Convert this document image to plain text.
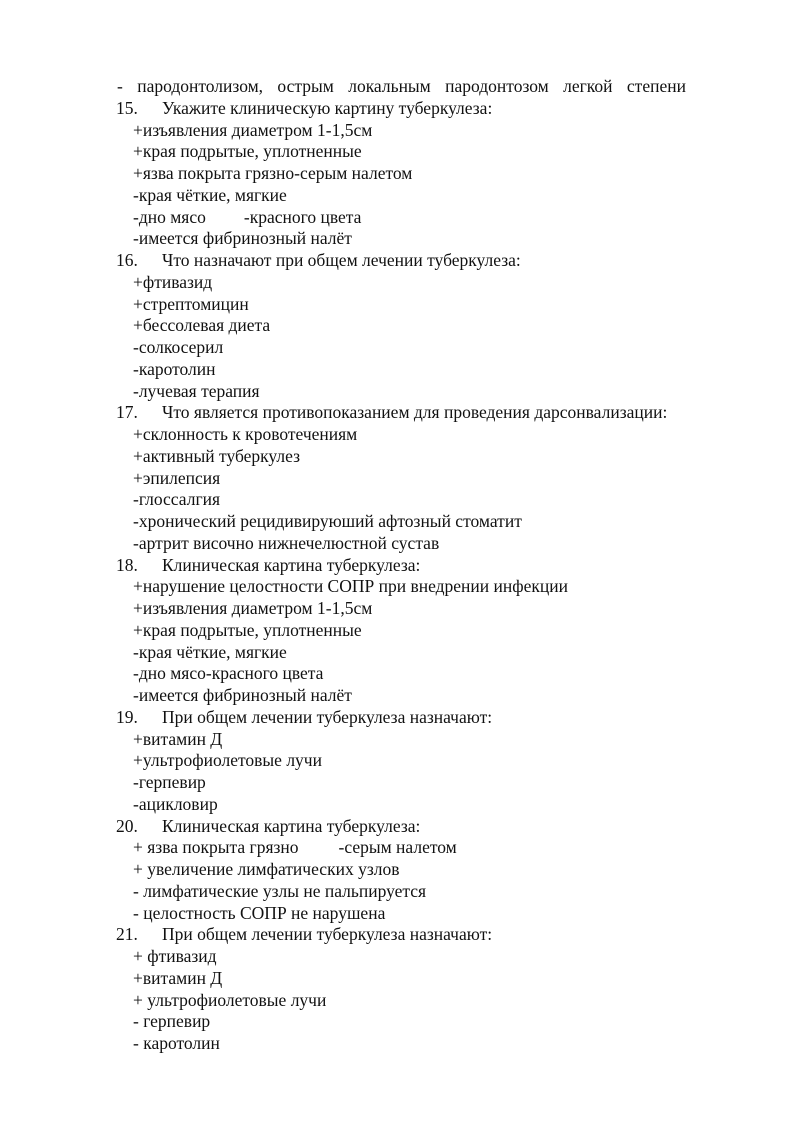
- пародонтолизом, острым локальным пародонтозом легкой степени
15. Укажите клиническую картину туберкулеза:
+изъявления диаметром 1-1,5см
+края подрытые, уплотненные
+язва покрыта грязно-серым налетом
-края чёткие, мягкие
-дно мясо -красного цвета
-имеется фибринозный налёт
16. Что назначают при общем лечении туберкулеза:
+фтивазид
+стрептомицин
+бессолевая диета
-солкосерил
-каротолин
-лучевая терапия
17. Что является противопоказанием для проведения дарсонвализации:
+склонность к кровотечениям
+активный туберкулез
+эпилепсия
-глоссалгия
-хронический рецидивируюший афтозный стоматит
-артрит височно нижнечелюстной сустав
18. Клиническая картина туберкулеза:
+нарушение целостности СОПР при внедрении инфекции
+изъявления диаметром 1-1,5см
+края подрытые, уплотненные
-края чёткие, мягкие
-дно мясо-красного цвета
-имеется фибринозный налёт
19. При общем лечении туберкулеза назначают:
+витамин Д
+ультрофиолетовые лучи
-герпевир
-ацикловир
20. Клиническая картина туберкулеза:
+ язва покрыта грязно -серым налетом
+ увеличение лимфатических узлов
- лимфатические узлы не пальпируется
- целостность СОПР не нарушена
21. При общем лечении туберкулеза назначают:
+ фтивазид
+витамин Д
+ ультрофиолетовые лучи
- герпевир
- каротолин
